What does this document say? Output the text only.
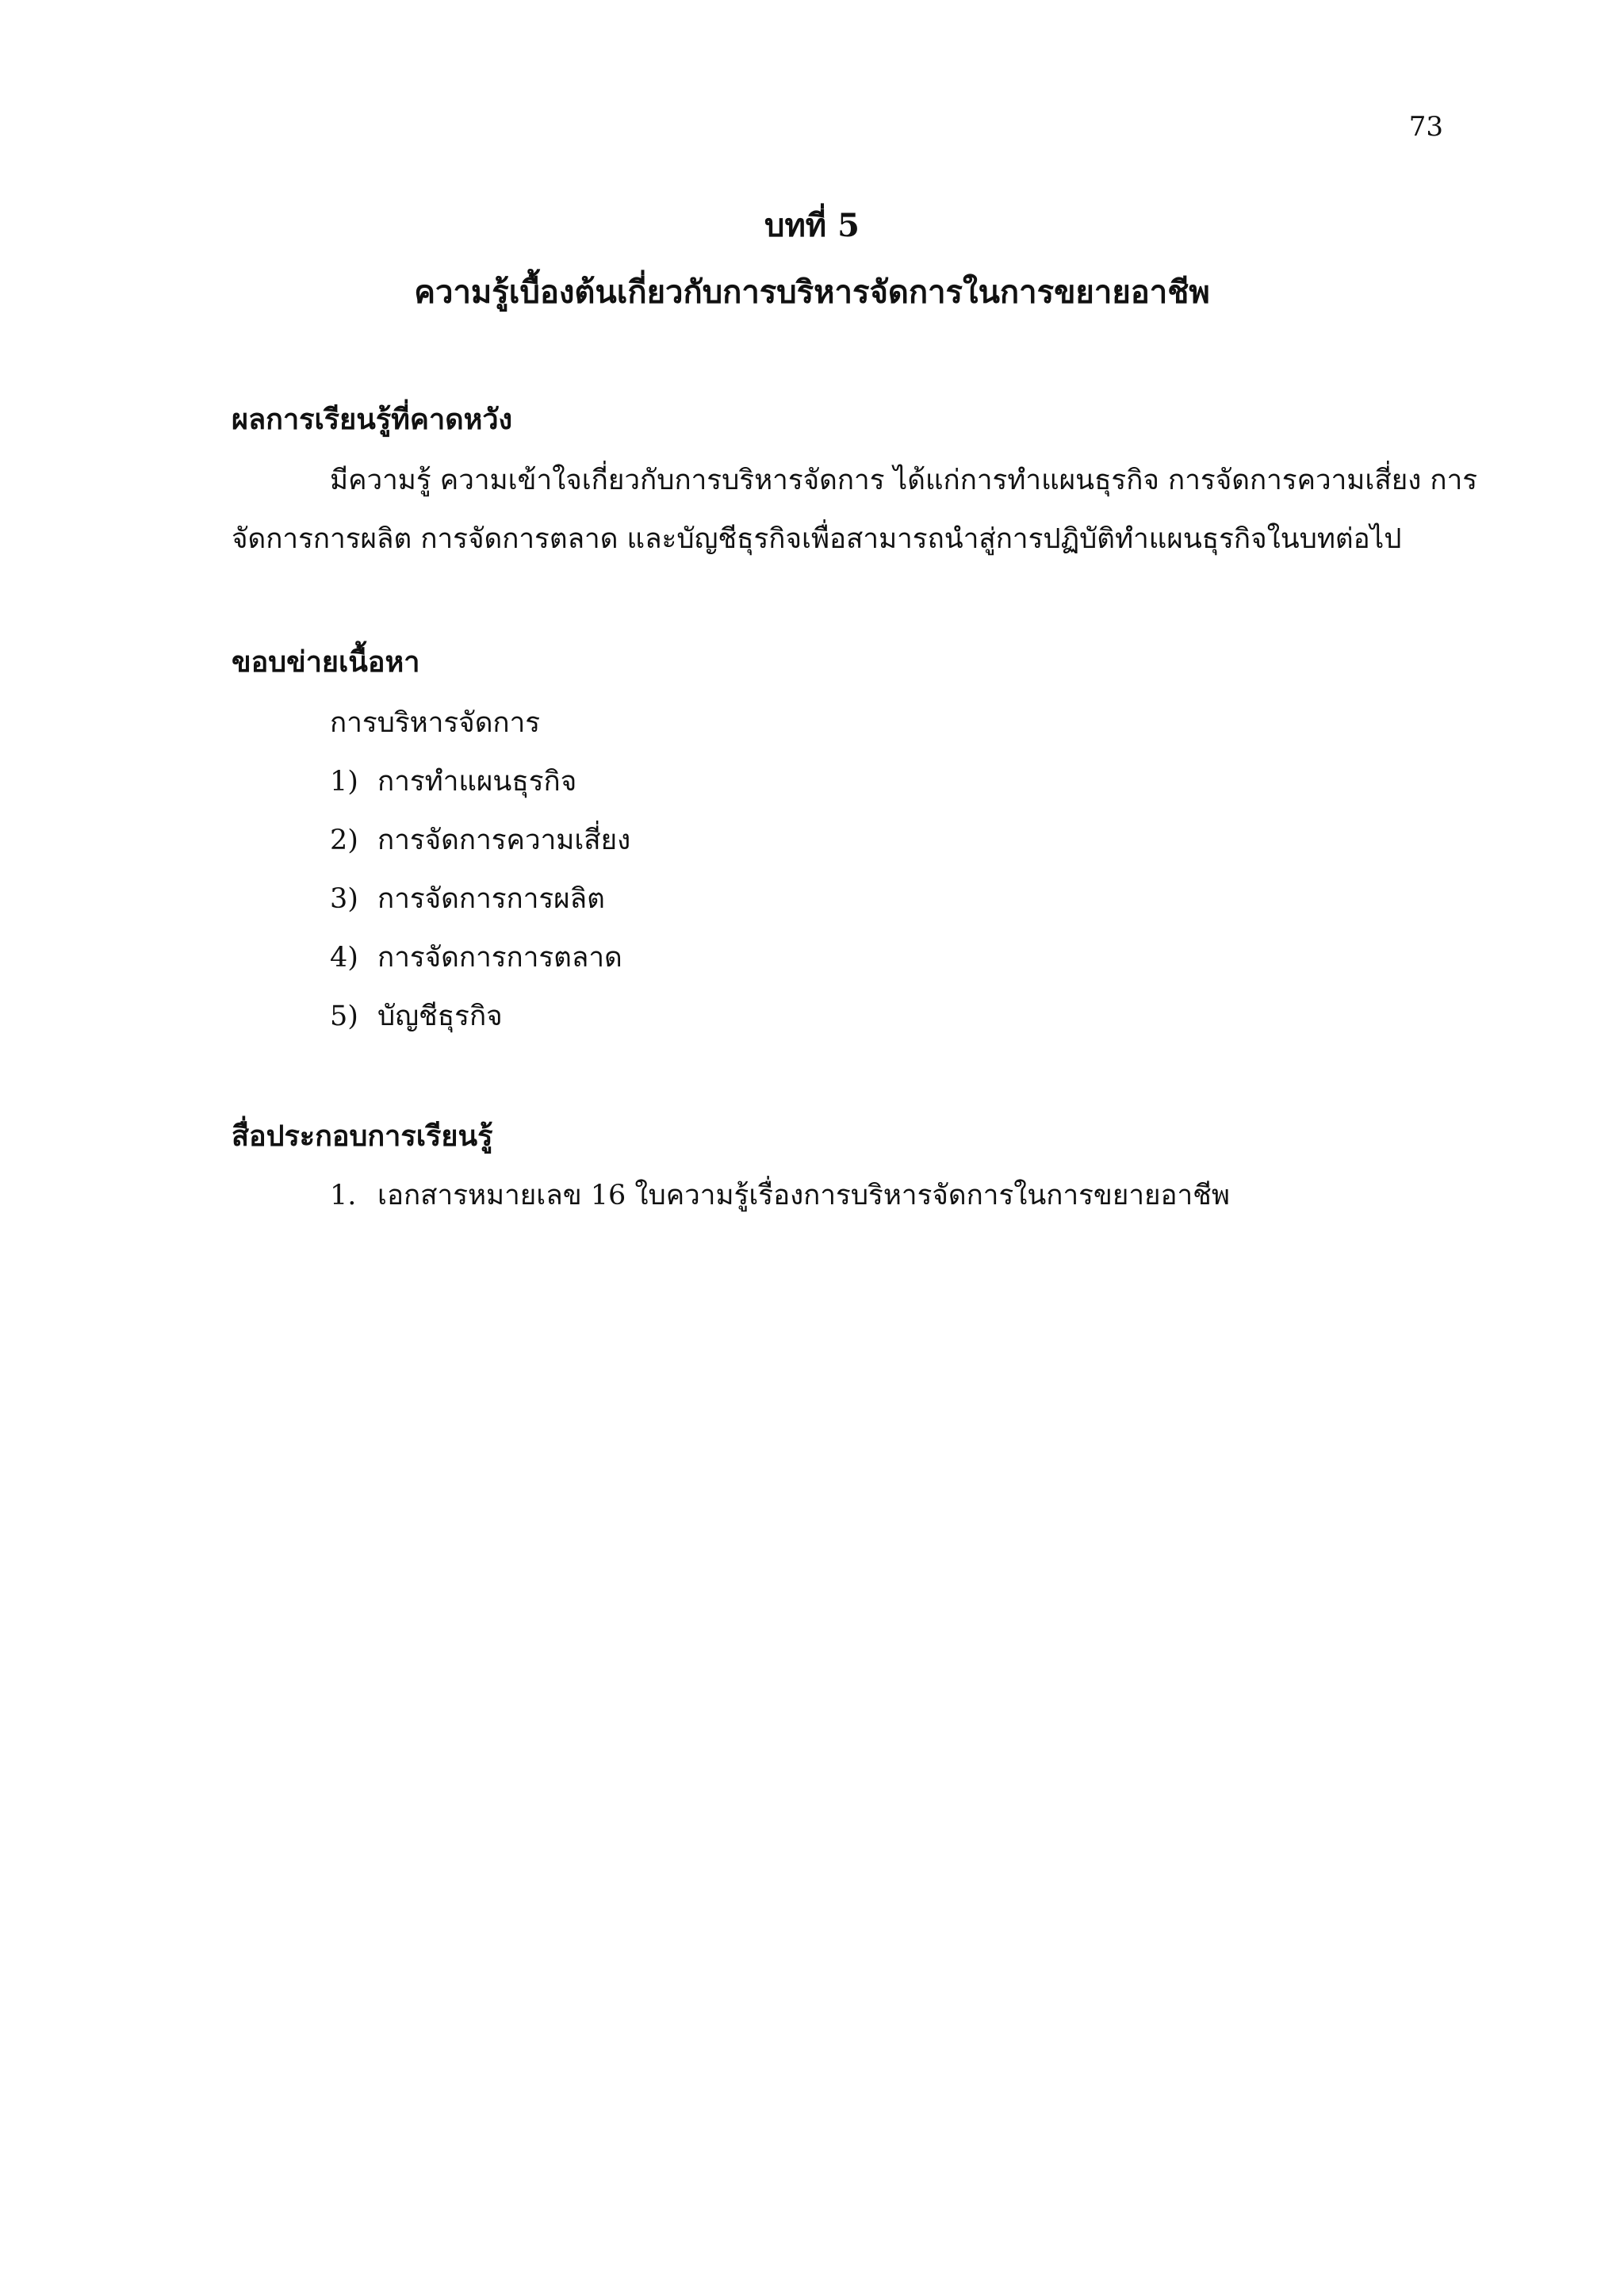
73
บทที่ 5
ความรู้เบื้องต้นเกี่ยวกับการบริหารจัดการในการขยายอาชีพ
ผลการเรียนรู้ที่คาดหวัง
มีความรู้ ความเข้าใจเกี่ยวกับการบริหารจัดการ ได้แก่การทำแผนธุรกิจ การจัดการความเสี่ยง การ
จัดการการผลิต การจัดการตลาด และบัญชีธุรกิจเพื่อสามารถนำสู่การปฏิบัติทำแผนธุรกิจในบทต่อไป
ขอบข่ายเนื้อหา
การบริหารจัดการ
1) การทำแผนธุรกิจ
2) การจัดการความเสี่ยง
3) การจัดการการผลิต
4) การจัดการการตลาด
5) บัญชีธุรกิจ
สื่อประกอบการเรียนรู้
1. เอกสารหมายเลข 16 ใบความรู้เรื่องการบริหารจัดการในการขยายอาชีพ
